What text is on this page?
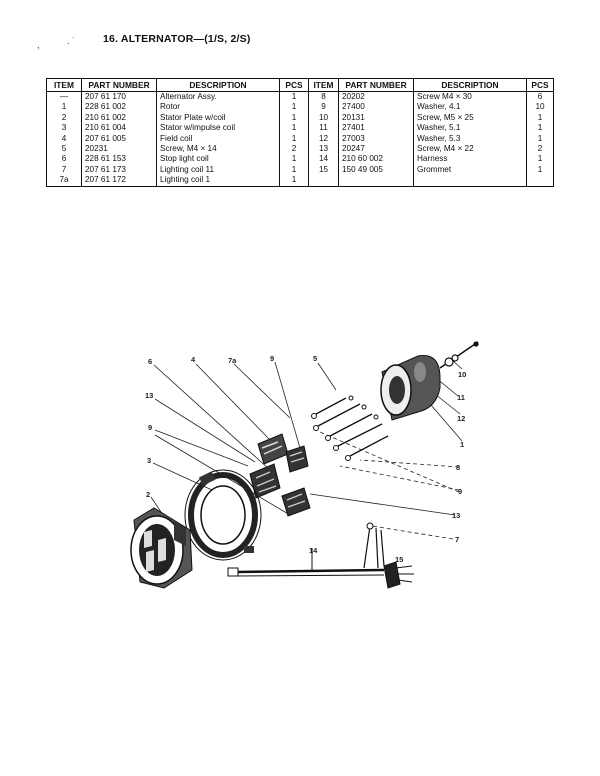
16. ALTERNATOR—(1/S, 2/S)
,	. ˙
ITEM	PART NUMBER	DESCRIPTION	PCS	ITEM	PART NUMBER	DESCRIPTION	PCS
—	207 61 170	Alternator Assy.	1	8	20202	Screw M4 × 30	6
1	228 61 002	Rotor	1	9	27400	Washer, 4.1	10
2	210 61 002	Stator Plate w/coil	1	10	20131	Screw, M5 × 25	1
3	210 61 004	Stator w/impulse coil	1	11	27401	Washer, 5.1	1
4	207 61 005	Field coil	1	12	27003	Washer, 5.3	1
5	20231	Screw, M4 × 14	2	13	20247	Screw, M4 × 22	2
6	228 61 153	Stop light coil	1	14	210 60 002	Harness	1
7	207 61 173	Lighting coil 11	1	15	150 49 005	Grommet	1
7a	207 61 172	Lighting coil 1	1				
6	4	7a	9	5
13
9
3
2
10
11
12
1
8
9
13
7
14
15
